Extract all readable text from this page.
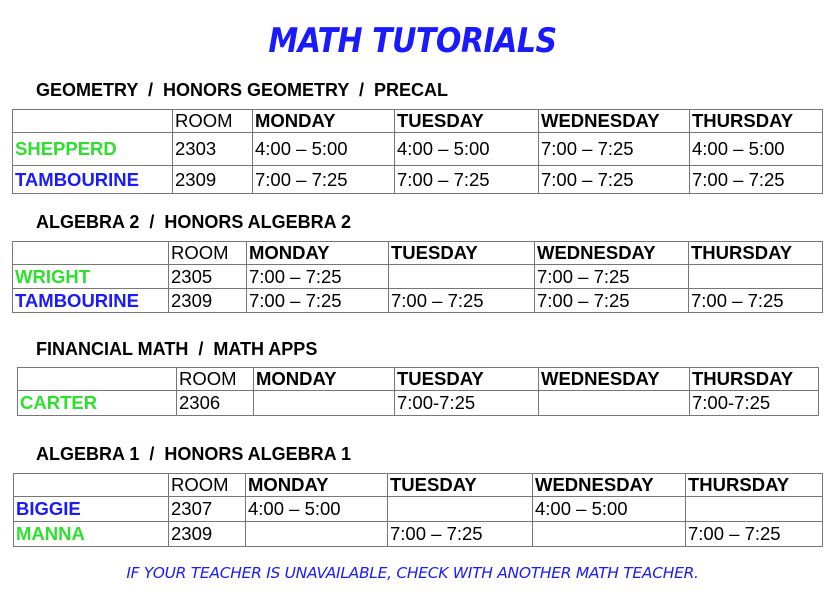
MATH TUTORIALS
GEOMETRY  /  HONORS GEOMETRY  /  PRECAL
	ROOM	MONDAY	TUESDAY	WEDNESDAY	THURSDAY
SHEPPERD	2303	4:00 – 5:00	4:00 – 5:00	7:00 – 7:25	4:00 – 5:00
TAMBOURINE	2309	7:00 – 7:25	7:00 – 7:25	7:00 – 7:25	7:00 – 7:25
ALGEBRA 2  /  HONORS ALGEBRA 2
	ROOM	MONDAY	TUESDAY	WEDNESDAY	THURSDAY
WRIGHT	2305	7:00 – 7:25		7:00 – 7:25	
TAMBOURINE	2309	7:00 – 7:25	7:00 – 7:25	7:00 – 7:25	7:00 – 7:25
FINANCIAL MATH  /  MATH APPS
	ROOM	MONDAY	TUESDAY	WEDNESDAY	THURSDAY
CARTER	2306		7:00-7:25		7:00-7:25
ALGEBRA 1  /  HONORS ALGEBRA 1
	ROOM	MONDAY	TUESDAY	WEDNESDAY	THURSDAY
BIGGIE	2307	4:00 – 5:00		4:00 – 5:00	
MANNA	2309		7:00 – 7:25		7:00 – 7:25
IF YOUR TEACHER IS UNAVAILABLE, CHECK WITH ANOTHER MATH TEACHER.
